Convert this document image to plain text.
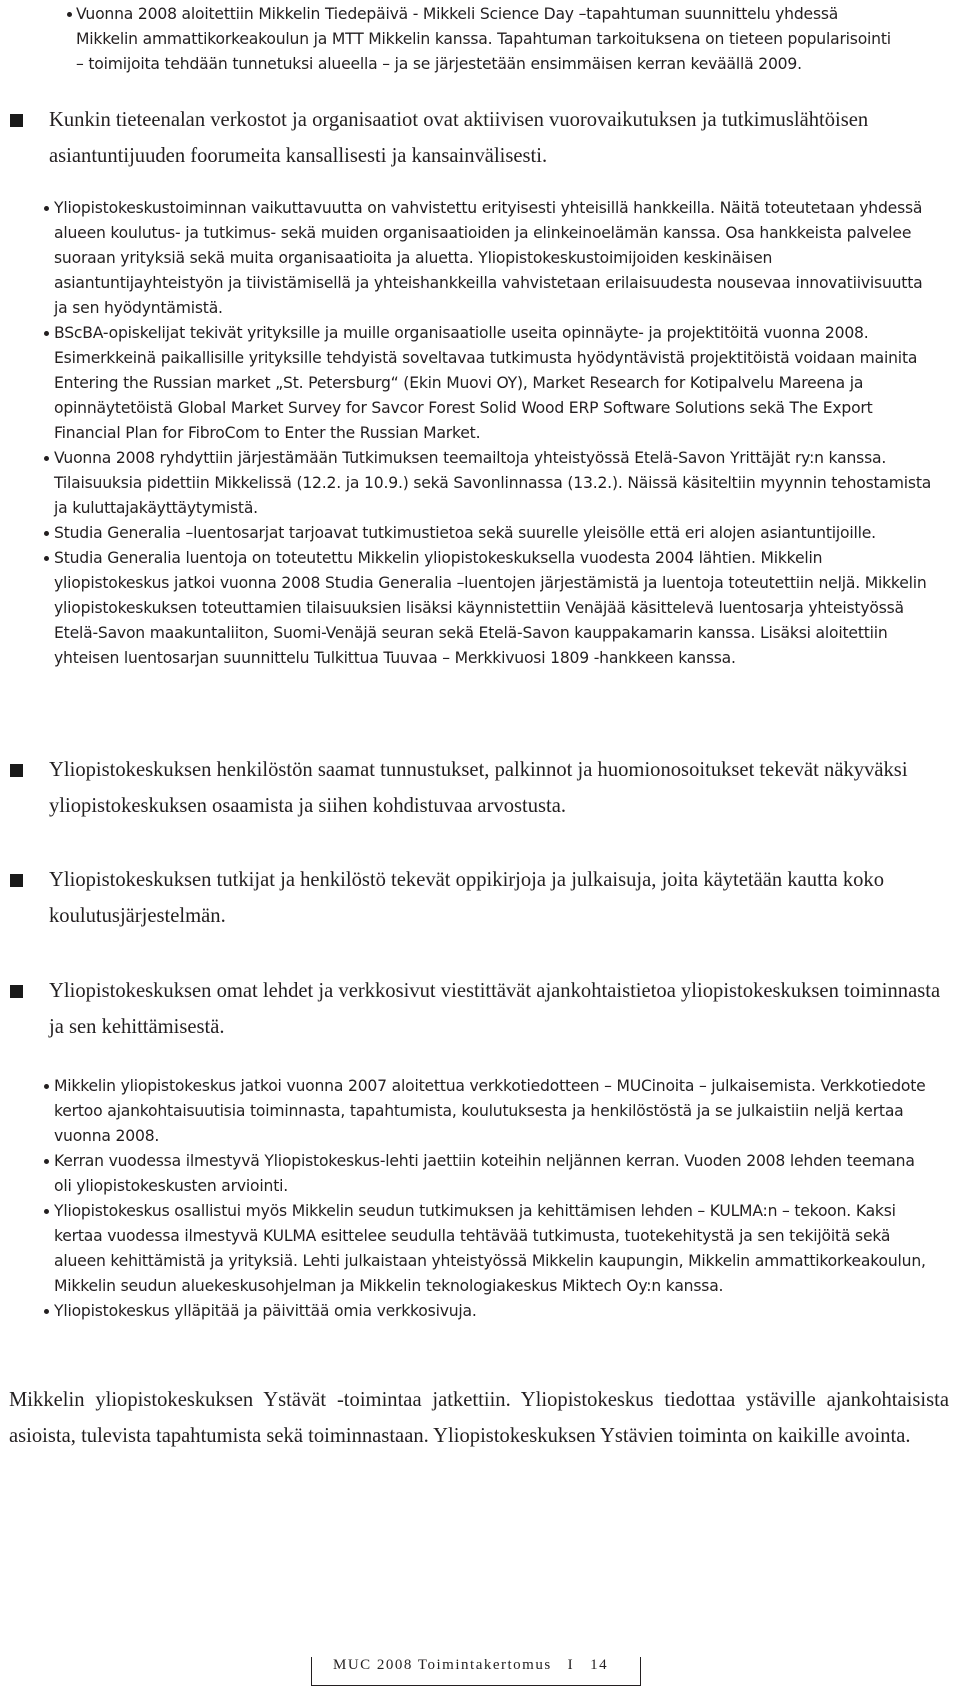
Vuonna 2008 aloitettiin Mikkelin Tiedepäivä - Mikkeli Science Day –tapahtuman suunnittelu yhdessä Mikkelin ammattikorkeakoulun ja MTT Mikkelin kanssa. Tapahtuman tarkoituksena on tieteen popularisointi – toimijoita tehdään tunnetuksi alueella – ja se järjestetään ensimmäisen kerran keväällä 2009.
Kunkin tieteenalan verkostot ja organisaatiot ovat aktiivisen vuorovaikutuksen ja tutkimuslähtöisen asiantuntijuuden foorumeita kansallisesti ja kansainvälisesti.
Yliopistokeskustoiminnan vaikuttavuutta on vahvistettu erityisesti yhteisillä hankkeilla. Näitä toteutetaan yhdessä alueen koulutus- ja tutkimus- sekä muiden organisaatioiden ja elinkeinoelämän kanssa. Osa hankkeista palvelee suoraan yrityksiä sekä muita organisaatioita ja aluetta. Yliopistokeskustoimijoiden keskinäisen asiantuntijayhteistyön ja tiivistämisellä ja yhteishankkeilla vahvistetaan erilaisuudesta nousevaa innovatiivisuutta ja sen hyödyntämistä.
BScBA-opiskelijat tekivät yrityksille ja muille organisaatiolle useita opinnäyte- ja projektitöitä vuonna 2008. Esimerkkeinä paikallisille yrityksille tehdyistä soveltavaa tutkimusta hyödyntävistä projektitöistä voidaan mainita Entering the Russian market „St. Petersburg“ (Ekin Muovi OY), Market Research for Kotipalvelu Mareena ja opinnäytetöistä Global Market Survey for Savcor Forest Solid Wood ERP Software Solutions sekä The Export Financial Plan for FibroCom to Enter the Russian Market.
Vuonna 2008 ryhdyttiin järjestämään Tutkimuksen teemailtoja yhteistyössä Etelä-Savon Yrittäjät ry:n kanssa. Tilaisuuksia pidettiin Mikkelissä (12.2. ja 10.9.) sekä Savonlinnassa (13.2.). Näissä käsiteltiin myynnin tehostamista ja kuluttajakäyttäytymistä.
Studia Generalia –luentosarjat tarjoavat tutkimustietoa sekä suurelle yleisölle että eri alojen asiantuntijoille.
Studia Generalia luentoja on toteutettu Mikkelin yliopistokeskuksella vuodesta 2004 lähtien. Mikkelin yliopistokeskus jatkoi vuonna 2008 Studia Generalia –luentojen järjestämistä ja luentoja toteutettiin neljä. Mikkelin yliopistokeskuksen toteuttamien tilaisuuksien lisäksi käynnistettiin Venäjää käsittelevä luentosarja yhteistyössä Etelä-Savon maakuntaliiton, Suomi-Venäjä seuran sekä Etelä-Savon kauppakamarin kanssa. Lisäksi aloitettiin yhteisen luentosarjan suunnittelu Tulkittua Tuuvaa – Merkkivuosi 1809 -hankkeen kanssa.
Yliopistokeskuksen henkilöstön saamat tunnustukset, palkinnot ja huomionosoitukset tekevät näkyväksi yliopistokeskuksen osaamista ja siihen kohdistuvaa arvostusta.
Yliopistokeskuksen tutkijat ja henkilöstö tekevät oppikirjoja ja julkaisuja, joita käytetään kautta koko koulutusjärjestelmän.
Yliopistokeskuksen omat lehdet ja verkkosivut viestittävät ajankohtaistietoa yliopistokeskuksen toiminnasta ja sen kehittämisestä.
Mikkelin yliopistokeskus jatkoi vuonna 2007 aloitettua verkkotiedotteen – MUCinoita – julkaisemista. Verkkotiedote kertoo ajankohtaisuutisia toiminnasta, tapahtumista, koulutuksesta ja henkilöstöstä ja se julkaistiin neljä kertaa vuonna 2008.
Kerran vuodessa ilmestyvä Yliopistokeskus-lehti jaettiin koteihin neljännen kerran. Vuoden 2008 lehden teemana oli yliopistokeskusten arviointi.
Yliopistokeskus osallistui myös Mikkelin seudun tutkimuksen ja kehittämisen lehden – KULMA:n – tekoon. Kaksi kertaa vuodessa ilmestyvä KULMA esittelee seudulla tehtävää tutkimusta, tuotekehitystä ja sen tekijöitä sekä alueen kehittämistä ja yrityksiä. Lehti julkaistaan yhteistyössä Mikkelin kaupungin, Mikkelin ammattikorkeakoulun, Mikkelin seudun aluekeskusohjelman ja Mikkelin teknologiakeskus Miktech Oy:n kanssa.
Yliopistokeskus ylläpitää ja päivittää omia verkkosivuja.
Mikkelin yliopistokeskuksen Ystävät -toimintaa jatkettiin. Yliopistokeskus tiedottaa ystäville ajankohtaisista asioista, tulevista tapahtumista sekä toiminnastaan. Yliopistokeskuksen Ystävien toiminta on kaikille avointa.
MUC 2008 Toimintakertomus I 14
